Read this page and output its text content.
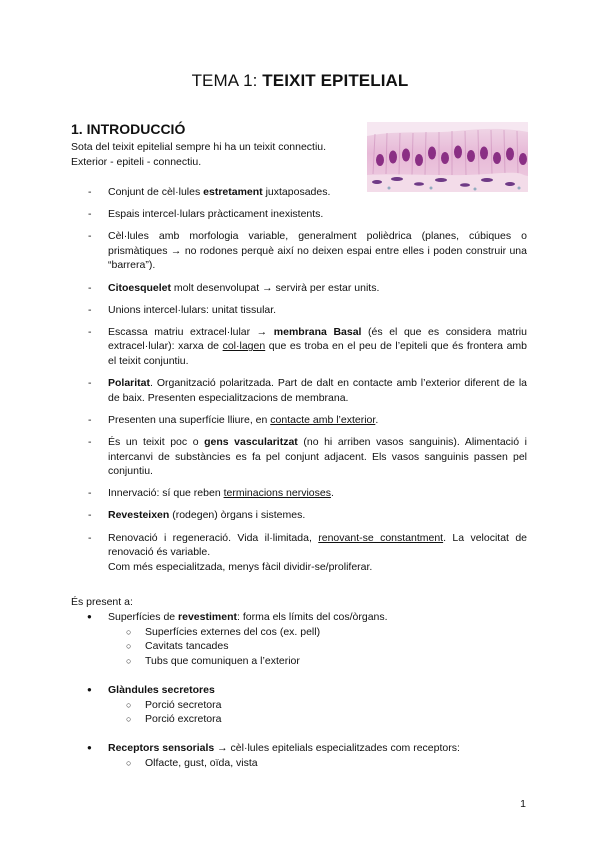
TEMA 1: TEIXIT EPITELIAL
1. INTRODUCCIÓ

Sota del teixit epitelial sempre hi ha un teixit connectiu.

Exterior - epiteli - connectiu.

- Conjunt de cèl·lules estretament juxtaposades.
- Espais intercel·lulars pràcticament inexistents.
- Cèl·lules amb morfologia variable, generalment polièdrica (planes, cúbiques o prismàtiques → no rodones perquè així no deixen espai entre elles i poden construir una “barrera”).
- Citoesquelet molt desenvolupat → servirà per estar units.
- Unions intercel·lulars: unitat tissular.
- Escassa matriu extracel·lular → membrana Basal (és el que es considera matriu extracel·lular): xarxa de col·lagen que es troba en el peu de l’epiteli que és frontera amb el teixit conjuntiu.
- Polaritat. Organització polaritzada. Part de dalt en contacte amb l’exterior diferent de la de baix. Presenten especialitzacions de membrana.
- Presenten una superfície lliure, en contacte amb l’exterior.
- És un teixit poc o gens vascularitzat (no hi arriben vasos sanguinis). Alimentació i intercanvi de substàncies es fa pel conjunt adjacent. Els vasos sanguinis passen pel conjuntiu.
- Innervació: sí que reben terminacions nervioses.
- Revesteixen (rodegen) òrgans i sistemes.
- Renovació i regeneració. Vida il·limitada, renovant-se constantment. La velocitat de renovació és variable.
Com més especialitzada, menys fàcil dividir-se/proliferar.
És present a:
● Superfícies de revestiment: forma els límits del cos/òrgans.
○ Superfícies externes del cos (ex. pell)
○ Cavitats tancades
○ Tubs que comuniquen a l’exterior
● Glàndules secretores
○ Porció secretora
○ Porció excretora
● Receptors sensorials → cèl·lules epitelials especialitzades com receptors:
○ Olfacte, gust, oïda, vista
1
